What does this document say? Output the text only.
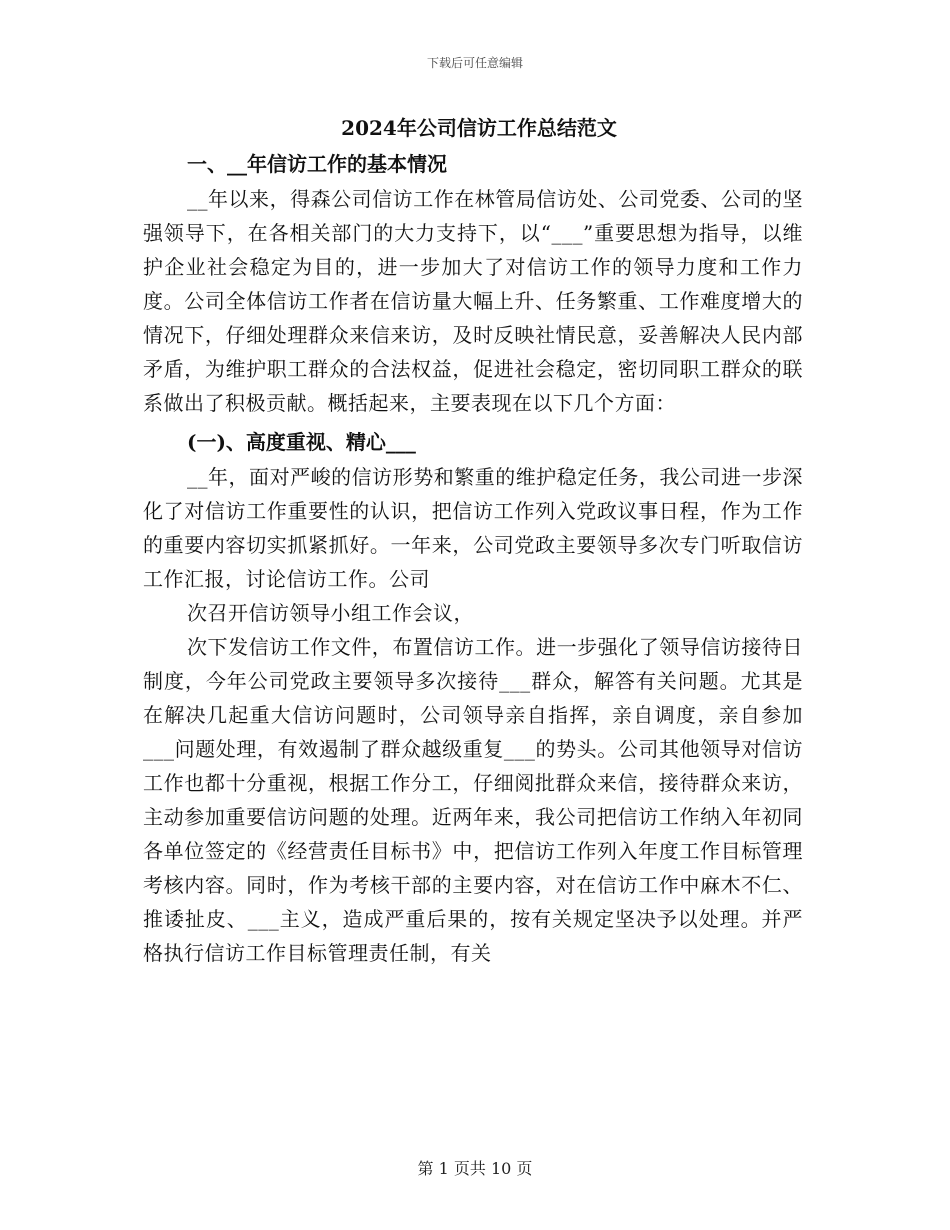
下载后可任意编辑
2024年公司信访工作总结范文
一、__年信访工作的基本情况

__年以来，得森公司信访工作在林管局信访处、公司党委、公司的坚强领导下，在各相关部门的大力支持下，以“___”重要思想为指导，以维护企业社会稳定为目的，进一步加大了对信访工作的领导力度和工作力度。公司全体信访工作者在信访量大幅上升、任务繁重、工作难度增大的情况下，仔细处理群众来信来访，及时反映社情民意，妥善解决人民内部矛盾，为维护职工群众的合法权益，促进社会稳定，密切同职工群众的联系做出了积极贡献。概括起来，主要表现在以下几个方面：

(一)、高度重视、精心___

__年，面对严峻的信访形势和繁重的维护稳定任务，我公司进一步深化了对信访工作重要性的认识，把信访工作列入党政议事日程，作为工作的重要内容切实抓紧抓好。一年来，公司党政主要领导多次专门听取信访工作汇报，讨论信访工作。公司

次召开信访领导小组工作会议，

次下发信访工作文件，布置信访工作。进一步强化了领导信访接待日制度，今年公司党政主要领导多次接待___群众，解答有关问题。尤其是在解决几起重大信访问题时，公司领导亲自指挥，亲自调度，亲自参加___问题处理，有效遏制了群众越级重复___的势头。公司其他领导对信访工作也都十分重视，根据工作分工，仔细阅批群众来信，接待群众来访，主动参加重要信访问题的处理。近两年来，我公司把信访工作纳入年初同各单位签定的《经营责任目标书》中，把信访工作列入年度工作目标管理考核内容。同时，作为考核干部的主要内容，对在信访工作中麻木不仁、推诿扯皮、___主义，造成严重后果的，按有关规定坚决予以处理。并严格执行信访工作目标管理责任制，有关

第 1 页共 10 页
